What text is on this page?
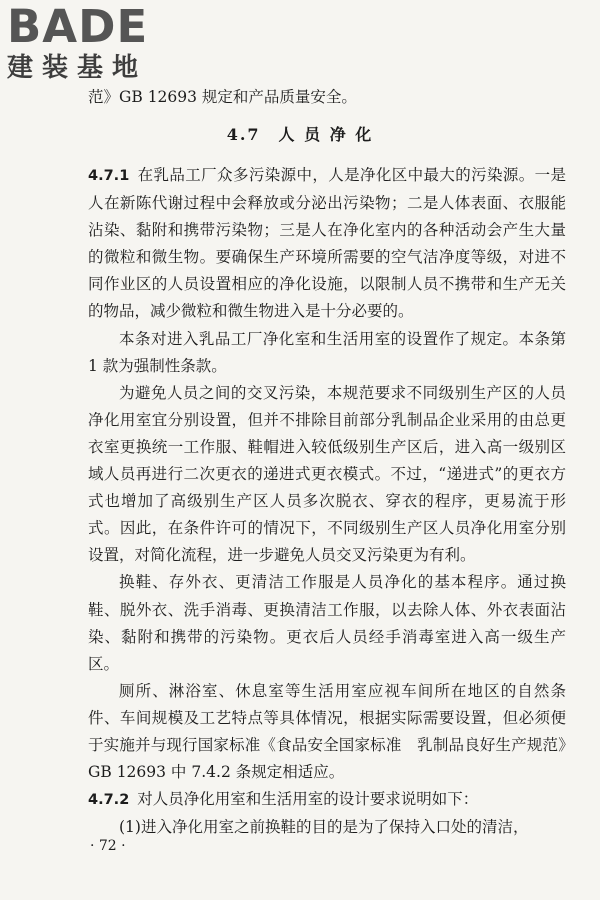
BADE
建装基地
范》GB 12693 规定和产品质量安全。
4.7　人 员 净 化

4.7.1 在乳品工厂众多污染源中，人是净化区中最大的污染源。一是人在新陈代谢过程中会释放或分泌出污染物；二是人体表面、衣服能沾染、黏附和携带污染物；三是人在净化室内的各种活动会产生大量的微粒和微生物。要确保生产环境所需要的空气洁净度等级，对进不同作业区的人员设置相应的净化设施，以限制人员不携带和生产无关的物品，减少微粒和微生物进入是十分必要的。

本条对进入乳品工厂净化室和生活用室的设置作了规定。本条第 1 款为强制性条款。

为避免人员之间的交叉污染，本规范要求不同级别生产区的人员净化用室宜分别设置，但并不排除目前部分乳制品企业采用的由总更衣室更换统一工作服、鞋帽进入较低级别生产区后，进入高一级别区域人员再进行二次更衣的递进式更衣模式。不过，“递进式”的更衣方式也增加了高级别生产区人员多次脱衣、穿衣的程序，更易流于形式。因此，在条件许可的情况下，不同级别生产区人员净化用室分别设置，对简化流程，进一步避免人员交叉污染更为有利。

换鞋、存外衣、更清洁工作服是人员净化的基本程序。通过换鞋、脱外衣、洗手消毒、更换清洁工作服，以去除人体、外衣表面沾染、黏附和携带的污染物。更衣后人员经手消毒室进入高一级生产区。

厕所、淋浴室、休息室等生活用室应视车间所在地区的自然条件、车间规模及工艺特点等具体情况，根据实际需要设置，但必须便于实施并与现行国家标准《食品安全国家标准　乳制品良好生产规范》GB 12693 中 7.4.2 条规定相适应。

4.7.2 对人员净化用室和生活用室的设计要求说明如下：

(1)进入净化用室之前换鞋的目的是为了保持入口处的清洁，

· 72 ·
